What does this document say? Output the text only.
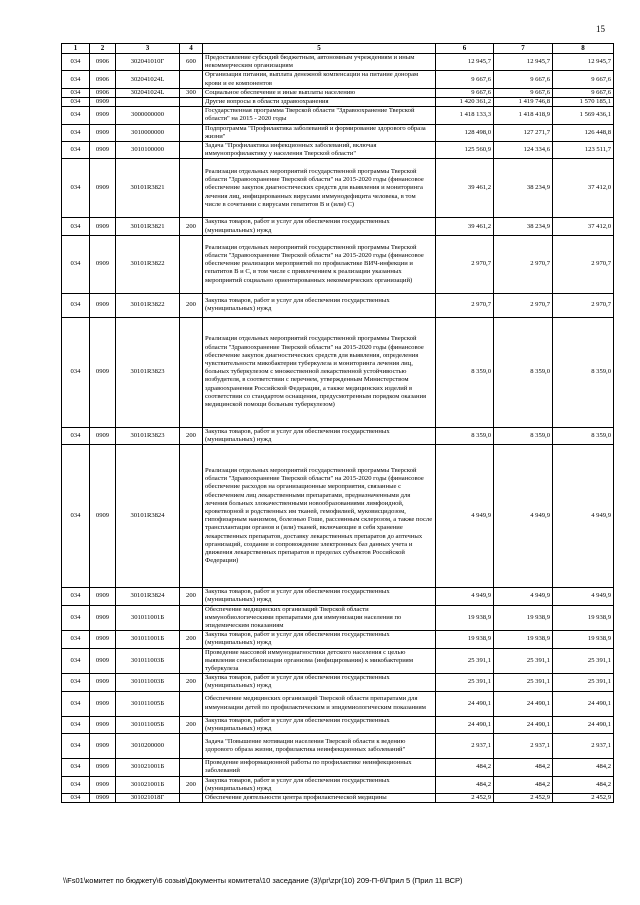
15
1	2	3	4	5	6	7	8
034	0906	302041010Г	600	Предоставление субсидий бюджетным, автономным учреждениям и иным некоммерческим организациям	12 945,7	12 945,7	12 945,7
034	0906	302041024L		Организация питания, выплата денежной компенсации на питание донорам крови и ее компонентов	9 667,6	9 667,6	9 667,6
034	0906	302041024L	300	Социальное обеспечение и иные выплаты населению	9 667,6	9 667,6	9 667,6
034	0909			Другие вопросы в области здравоохранения	1 420 361,2	1 419 746,8	1 570 185,1
034	0909	3000000000		Государственная программа Тверской области "Здравоохранение Тверской области" на 2015 - 2020 годы	1 418 133,3	1 418 418,9	1 569 436,1
034	0909	3010000000		Подпрограмма "Профилактика заболеваний и формирование здорового образа жизни"	128 498,0	127 271,7	126 448,8
034	0909	3010100000		Задача "Профилактика инфекционных заболеваний, включая иммунопрофилактику у населения Тверской области"	125 560,9	124 334,6	123 511,7
034	0909	30101R3821		Реализация отдельных мероприятий государственной программы Тверской области "Здравоохранение Тверской области" на 2015-2020 годы (финансовое обеспечение закупок диагностических средств для выявления и мониторинга лечения лиц, инфицированных вирусами иммунодефицита человека, в том числе в сочетании с вирусами гепатитов В и (или) С)	39 461,2	38 234,9	37 412,0
034	0909	30101R3821	200	Закупка товаров, работ и услуг для обеспечения государственных (муниципальных) нужд	39 461,2	38 234,9	37 412,0
034	0909	30101R3822		Реализация отдельных мероприятий государственной программы Тверской области "Здравоохранение Тверской области" на 2015-2020 годы (финансовое обеспечение реализации мероприятий по профилактике ВИЧ-инфекции и гепатитов В и С, в том числе с привлечением к реализации указанных мероприятий социально ориентированных некоммерческих организаций)	2 970,7	2 970,7	2 970,7
034	0909	30101R3822	200	Закупка товаров, работ и услуг для обеспечения государственных (муниципальных) нужд	2 970,7	2 970,7	2 970,7
034	0909	30101R3823		Реализация отдельных мероприятий государственной программы Тверской области "Здравоохранение Тверской области" на 2015-2020 годы (финансовое обеспечение закупок диагностических средств для выявления, определения чувствительности микобактерии туберкулеза и мониторинга лечения лиц, больных туберкулезом с множественной лекарственной устойчивостью возбудителя, в соответствии с перечнем, утвержденным Министерством здравоохранения Российской Федерации, а также медицинских изделий в соответствии со стандартом оснащения, предусмотренным порядком оказания медицинской помощи больным туберкулезом)	8 359,0	8 359,0	8 359,0
034	0909	30101R3823	200	Закупка товаров, работ и услуг для обеспечения государственных (муниципальных) нужд	8 359,0	8 359,0	8 359,0
034	0909	30101R3824		Реализация отдельных мероприятий государственной программы Тверской области "Здравоохранение Тверской области" на 2015-2020 годы (финансовое обеспечение расходов на организационные мероприятия, связанные с обеспечением лиц лекарственными препаратами, предназначенными для лечения больных злокачественными новообразованиями лимфоидной, кроветворной и родственных им тканей, гемофилией, муковисцидозом, гипофизарным нанизмом, болезнью Гоше, рассеянным склерозом, а также после трансплантации органов и (или) тканей, включающие в себя хранение лекарственных препаратов, доставку лекарственных препаратов до аптечных организаций, создание и сопровождение электронных баз данных учета и движения лекарственных препаратов в пределах субъектов Российской Федерации)	4 949,9	4 949,9	4 949,9
034	0909	30101R3824	200	Закупка товаров, работ и услуг для обеспечения государственных (муниципальных) нужд	4 949,9	4 949,9	4 949,9
034	0909	301011001Б		Обеспечение медицинских организаций Тверской области иммунобиологическими препаратами для иммунизации населения по эпидемическим показаниям	19 938,9	19 938,9	19 938,9
034	0909	301011001Б	200	Закупка товаров, работ и услуг для обеспечения государственных (муниципальных) нужд	19 938,9	19 938,9	19 938,9
034	0909	301011003Б		Проведение массовой иммунодиагностики детского населения с целью выявления сенсибилизации организма (инфицирования) к микобактериям туберкулеза	25 391,1	25 391,1	25 391,1
034	0909	301011003Б	200	Закупка товаров, работ и услуг для обеспечения государственных (муниципальных) нужд	25 391,1	25 391,1	25 391,1
034	0909	301011005Б		Обеспечение медицинских организаций Тверской области препаратами для иммунизации детей по профилактическим и эпидемиологическим показаниям	24 490,1	24 490,1	24 490,1
034	0909	301011005Б	200	Закупка товаров, работ и услуг для обеспечения государственных (муниципальных) нужд	24 490,1	24 490,1	24 490,1
034	0909	3010200000		Задача "Повышение мотивации населения Тверской области к ведению здорового образа жизни, профилактика неинфекционных заболеваний"	2 937,1	2 937,1	2 937,1
034	0909	301021001Б		Проведение информационной работы по профилактике неинфекционных заболеваний	484,2	484,2	484,2
034	0909	301021001Б	200	Закупка товаров, работ и услуг для обеспечения государственных (муниципальных) нужд	484,2	484,2	484,2
034	0909	301021018Г		Обеспечение деятельности центра профилактической медицины	2 452,9	2 452,9	2 452,9
\\Fs01\комитет по бюджету\6 созыв\Документы комитета\10 заседание (3)\pr\zpr(10) 209-П-6\Прил 5 (Прил 11 ВСР)
